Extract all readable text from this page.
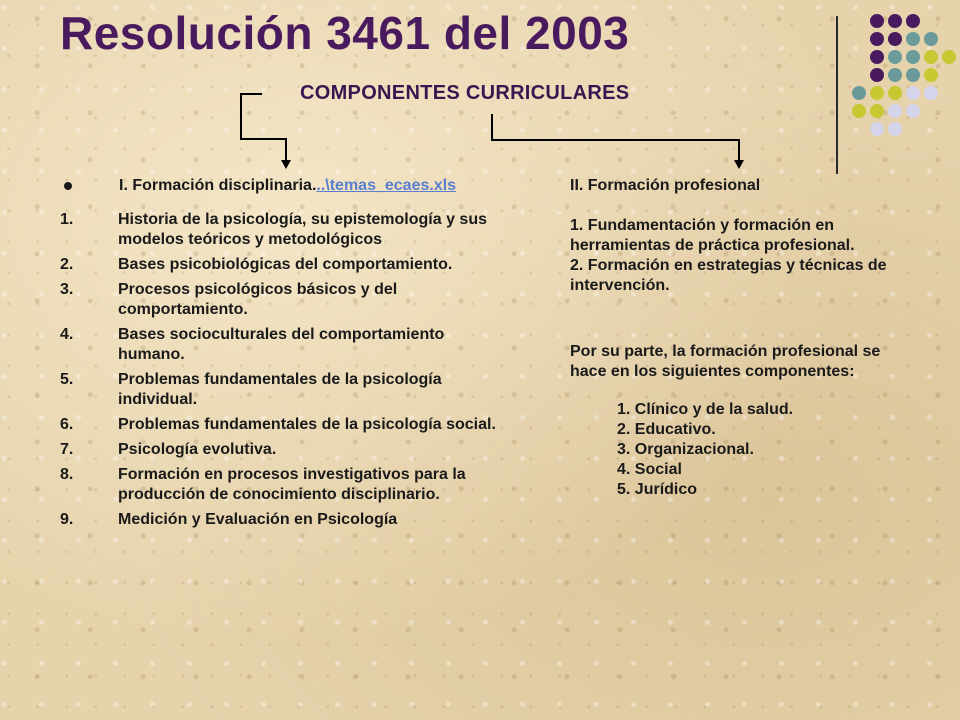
Resolución 3461 del 2003
COMPONENTES CURRICULARES
I. Formación disciplinaria...\temas_ecaes.xls
1.	Historia de la psicología, su epistemología y sus modelos teóricos y metodológicos
2.	Bases psicobiológicas del comportamiento.
3.	Procesos psicológicos básicos y del comportamiento.
4.	Bases socioculturales del comportamiento humano.
5.	Problemas fundamentales de la psicología individual.
6.	Problemas fundamentales de la psicología social.
7.	Psicología evolutiva.
8.	Formación en procesos investigativos para la producción de conocimiento disciplinario.
9.	Medición y Evaluación en Psicología
II. Formación profesional
1. Fundamentación y formación en herramientas de práctica profesional.
2. Formación en estrategias y técnicas de intervención.
Por su parte, la formación profesional se hace en los siguientes componentes:
1. Clínico y de la salud.
2. Educativo.
3. Organizacional.
4. Social
5. Jurídico
